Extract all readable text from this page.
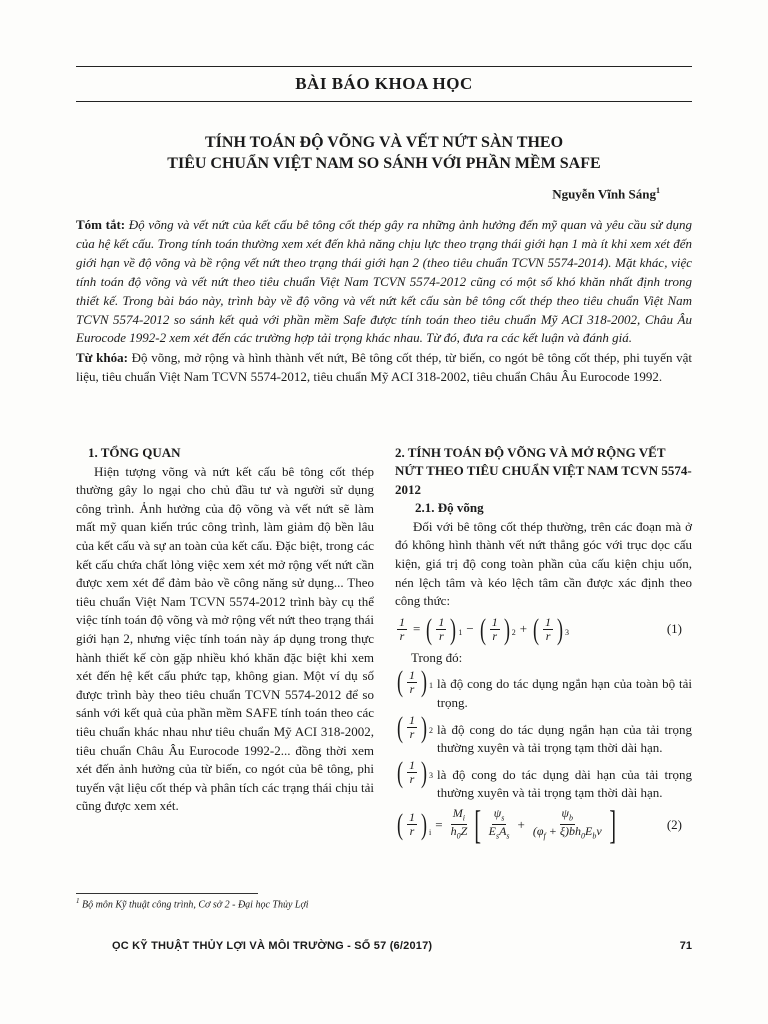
BÀI BÁO KHOA HỌC
TÍNH TOÁN ĐỘ VÕNG VÀ VẾT NỨT SÀN THEO
TIÊU CHUẨN VIỆT NAM SO SÁNH VỚI PHẦN MỀM SAFE
Nguyễn Vĩnh Sáng$^1$
Tóm tắt: Độ võng và vết nứt của kết cấu bê tông cốt thép gây ra những ảnh hưởng đến mỹ quan và yêu cầu sử dụng của hệ kết cấu. Trong tính toán thường xem xét đến khả năng chịu lực theo trạng thái giới hạn 1 mà ít khi xem xét đến giới hạn về độ võng và bề rộng vết nứt theo trạng thái giới hạn 2 (theo tiêu chuẩn TCVN 5574-2014). Mặt khác, việc tính toán độ võng và vết nứt theo tiêu chuẩn Việt Nam TCVN 5574-2012 cũng có một số khó khăn nhất định trong thiết kế. Trong bài báo này, trình bày về độ võng và vết nứt kết cấu sàn bê tông cốt thép theo tiêu chuẩn Việt Nam TCVN 5574-2012 so sánh kết quả với phần mềm Safe được tính toán theo tiêu chuẩn Mỹ ACI 318-2002, Châu Âu Eurocode 1992-2 xem xét đến các trường hợp tải trọng khác nhau. Từ đó, đưa ra các kết luận và đánh giá.
Từ khóa: Độ võng, mở rộng và hình thành vết nứt, Bê tông cốt thép, từ biến, co ngót bê tông cốt thép, phi tuyến vật liệu, tiêu chuẩn Việt Nam TCVN 5574-2012, tiêu chuẩn Mỹ ACI 318-2002, tiêu chuẩn Châu Âu Eurocode 1992.
1. TỔNG QUAN

Hiện tượng võng và nứt kết cấu bê tông cốt thép thường gây lo ngại cho chủ đầu tư và người sử dụng công trình. Ảnh hưởng của độ võng và vết nứt sẽ làm mất mỹ quan kiến trúc công trình, làm giảm độ bền lâu của kết cấu và sự an toàn của kết cấu. Đặc biệt, trong các kết cấu chứa chất lỏng việc xem xét mở rộng vết nứt cần được xem xét để đảm bảo về công năng sử dụng... Theo tiêu chuẩn Việt Nam TCVN 5574-2012 trình bày cụ thể việc tính toán độ võng và mở rộng vết nứt theo trạng thái giới hạn 2, nhưng việc tính toán này áp dụng trong thực hành thiết kế còn gặp nhiều khó khăn đặc biệt khi xem xét đến hệ kết cấu phức tạp, không gian. Một ví dụ số được trình bày theo tiêu chuẩn TCVN 5574-2012 để so sánh với kết quả của phần mềm SAFE tính toán theo các tiêu chuẩn khác nhau như tiêu chuẩn Mỹ ACI 318-2002, tiêu chuẩn Châu Âu Eurocode 1992-2... đồng thời xem xét đến ảnh hưởng của từ biến, co ngót của bê tông, phi tuyến vật liệu cốt thép và phân tích các trạng thái chịu tải cũng được xem xét.

2. TÍNH TOÁN ĐỘ VÕNG VÀ MỞ RỘNG VẾT NỨT THEO TIÊU CHUẨN VIỆT NAM TCVN 5574-2012
2.1. Độ võng

Đối với bê tông cốt thép thường, trên các đoạn mà ở đó không hình thành vết nứt thẳng góc với trục dọc cấu kiện, giá trị độ cong toàn phần của cấu kiện chịu uốn, nén lệch tâm và kéo lệch tâm cần được xác định theo công thức:

$\frac{1}{r}$ = ( $\frac{1}{r}$ ) 1 − ( $\frac{1}{r}$ ) 2 + ( $\frac{1}{r}$ ) 3	(1)
Trong đó:
( $\frac{1}{r}$ ) 1 là độ cong do tác dụng ngắn hạn của toàn bộ tải trọng.
( $\frac{1}{r}$ ) 2 là độ cong do tác dụng ngắn hạn của tải trọng thường xuyên và tải trọng tạm thời dài hạn.
( $\frac{1}{r}$ ) 3 là độ cong do tác dụng dài hạn của tải trọng thường xuyên và tải trọng tạm thời dài hạn.
( $\frac{1}{r}$ ) i
= $\frac{M_i}{h_0Z}$ [ $\frac{\psi_s}{E_sA_s} + \frac{\psi_b}{(\varphi_f + \xi)bh_0E_b\nu}$ ]	(2)
$^1$ Bộ môn Kỹ thuật công trình, Cơ sở 2 - Đại học Thủy Lợi
ỌC KỸ THUẬT THỦY LỢI VÀ MÔI TRƯỜNG - SỐ 57 (6/2017)	71
